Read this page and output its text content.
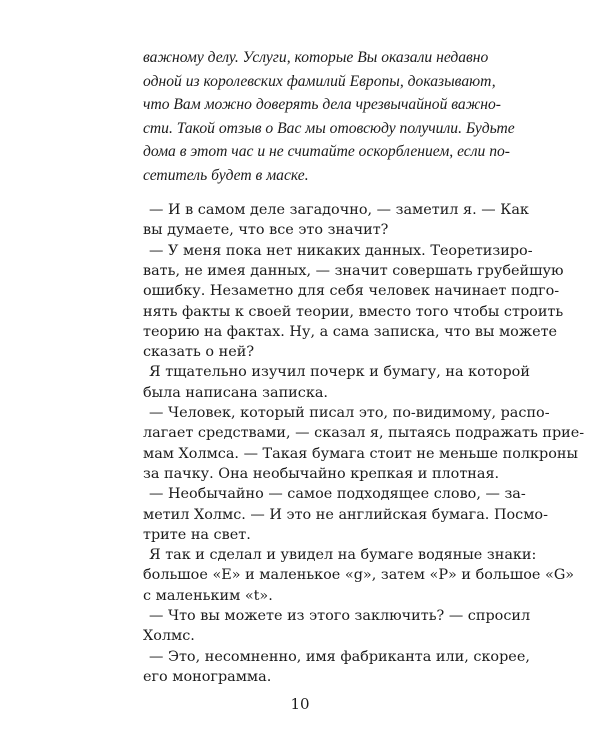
важному делу. Услуги, которые Вы оказали недавно

одной из королевских фамилий Европы, доказывают,

что Вам можно доверять дела чрезвычайной важно-

сти. Такой отзыв о Вас мы отовсюду получили. Будьте

дома в этот час и не считайте оскорблением, если по-

сетитель будет в маске.

— И в самом деле загадочно, — заметил я. — Как

вы думаете, что все это значит?

— У меня пока нет никаких данных. Теоретизиро-

вать, не имея данных, — значит совершать грубейшую

ошибку. Незаметно для себя человек начинает подго-

нять факты к своей теории, вместо того чтобы строить

теорию на фактах. Ну, а сама записка, что вы можете

сказать о ней?

Я тщательно изучил почерк и бумагу, на которой

была написана записка.

— Человек, который писал это, по-видимому, распо-

лагает средствами, — сказал я, пытаясь подражать прие-

мам Холмса. — Такая бумага стоит не меньше полкроны

за пачку. Она необычайно крепкая и плотная.

— Необычайно — самое подходящее слово, — за-

метил Холмс. — И это не английская бумага. Посмо-

трите на свет.

Я так и сделал и увидел на бумаге водяные знаки:

большое «E» и маленькое «g», затем «P» и большое «G»

с маленьким «t».

— Что вы можете из этого заключить? — спросил

Холмс.

— Это, несомненно, имя фабриканта или, скорее,

его монограмма.

10
